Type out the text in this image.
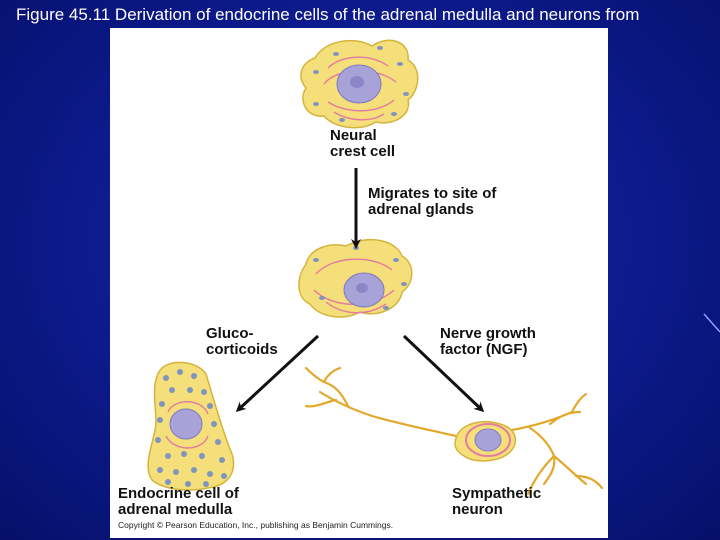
Figure 45.11 Derivation of endocrine cells of the adrenal medulla and neurons from
Neural
crest cell
Migrates to site of
adrenal glands
Gluco-
corticoids
Nerve growth
factor (NGF)
Endocrine cell of
adrenal medulla
Sympathetic
neuron
Copyright © Pearson Education, Inc., publishing as Benjamin Cummings.
